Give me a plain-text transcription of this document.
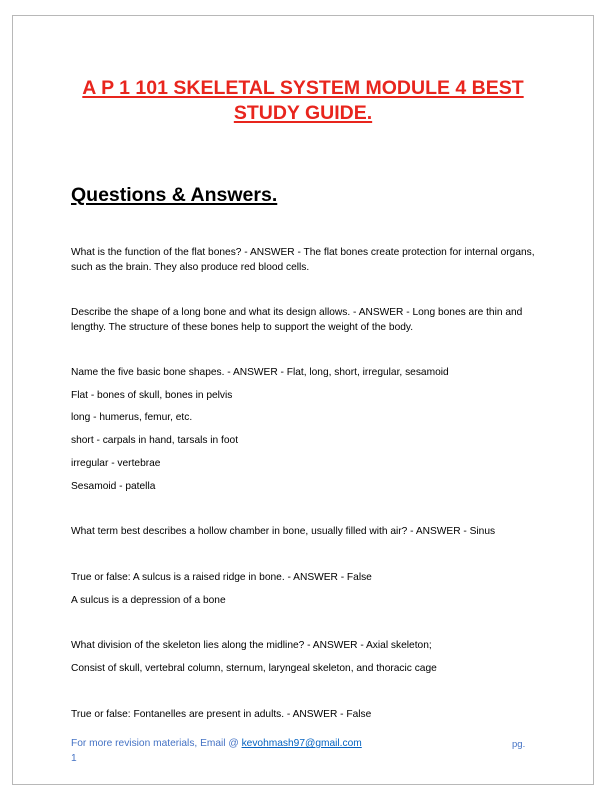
A P 1 101 SKELETAL SYSTEM MODULE 4 BEST
STUDY GUIDE.
Questions & Answers.
What is the function of the flat bones? - ANSWER - The flat bones create protection for internal organs,
such as the brain. They also produce red blood cells.
Describe the shape of a long bone and what its design allows. - ANSWER - Long bones are thin and
lengthy. The structure of these bones help to support the weight of the body.
Name the five basic bone shapes. - ANSWER - Flat, long, short, irregular, sesamoid
Flat - bones of skull, bones in pelvis
long - humerus, femur, etc.
short - carpals in hand, tarsals in foot
irregular - vertebrae
Sesamoid - patella
What term best describes a hollow chamber in bone, usually filled with air? - ANSWER - Sinus
True or false: A sulcus is a raised ridge in bone. - ANSWER - False
A sulcus is a depression of a bone
What division of the skeleton lies along the midline? - ANSWER - Axial skeleton;
Consist of skull, vertebral column, sternum, laryngeal skeleton, and thoracic cage
True or false: Fontanelles are present in adults. - ANSWER - False
For more revision materials, Email @ kevohmash97@gmail.com	pg.
1
